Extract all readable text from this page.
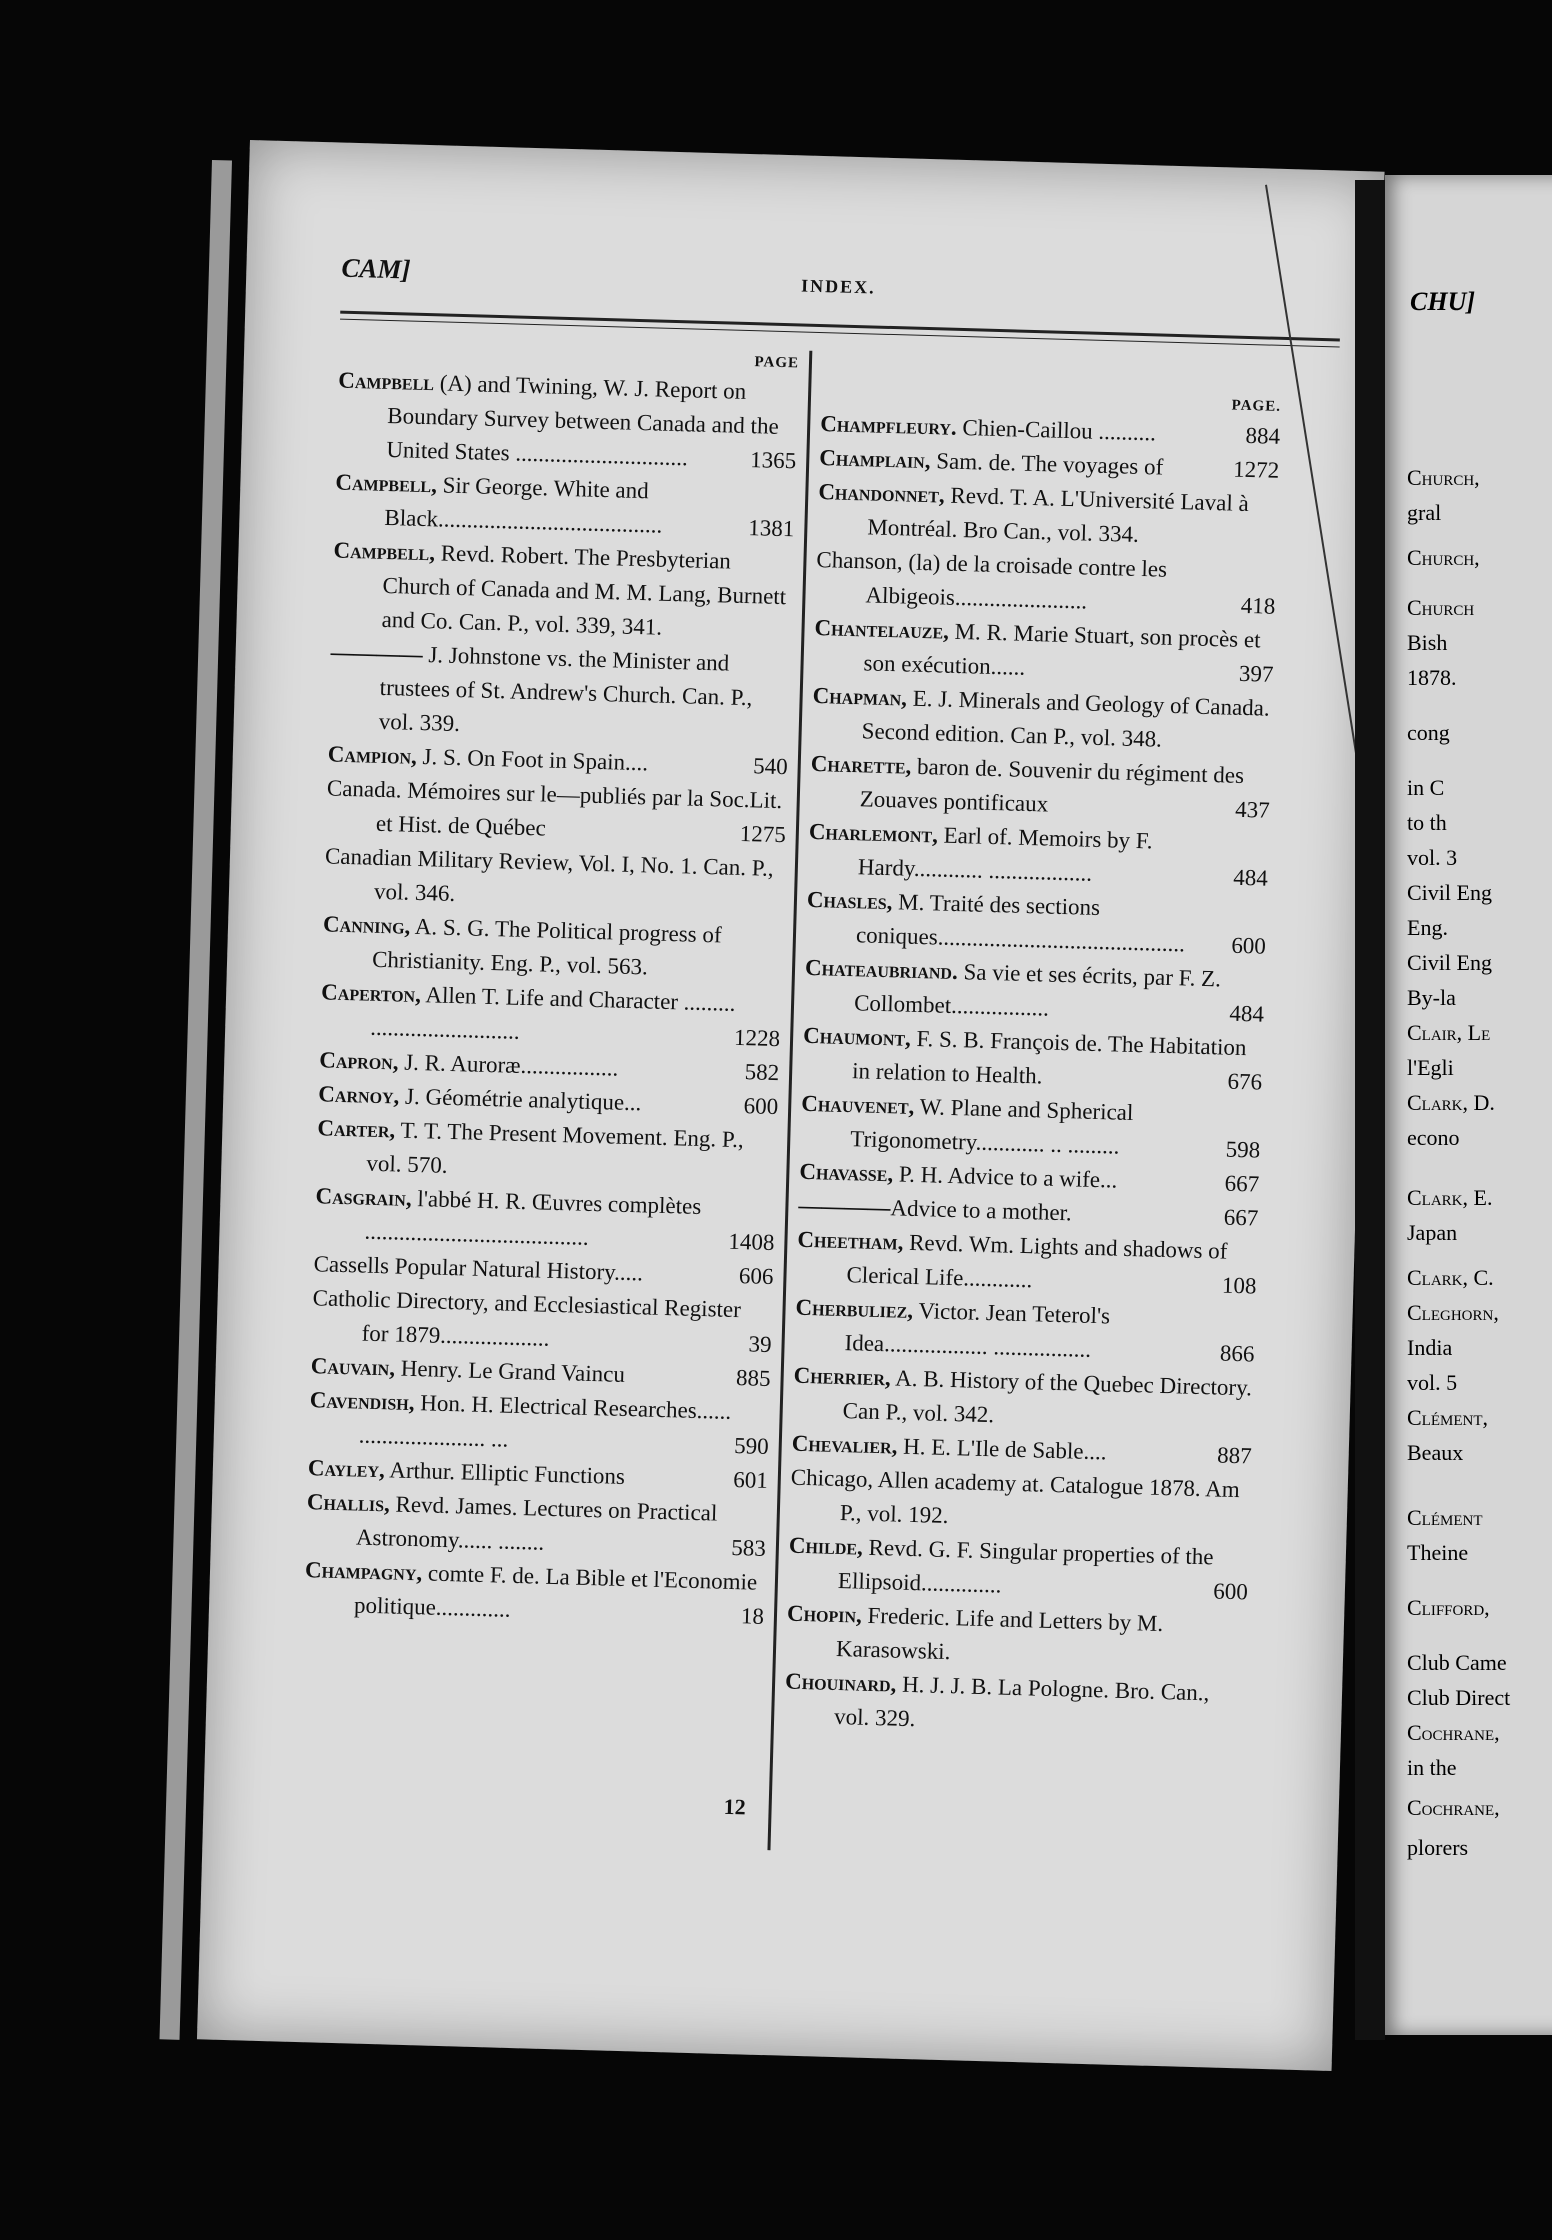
CAM]
INDEX.
PAGE
Campbell (A) and Twining, W. J. Report on Boundary Survey between Canada and the United States ..............................	1365
Campbell, Sir George. White and Black.......................................	1381
Campbell, Revd. Robert. The Presbyterian Church of Canada and M. M. Lang, Burnett and Co. Can. P., vol. 339, 341.
———— J. Johnstone vs. the Minister and trustees of St. Andrew's Church. Can. P., vol. 339.
Campion, J. S. On Foot in Spain....	540
Canada. Mémoires sur le—publiés par la Soc.Lit. et Hist. de Québec	1275
Canadian Military Review, Vol. I, No. 1. Can. P., vol. 346.
Canning, A. S. G. The Political progress of Christianity. Eng. P., vol. 563.
Caperton, Allen T. Life and Character ......... ..........................	1228
Capron, J. R. Auroræ.................	582
Carnoy, J. Géométrie analytique...	600
Carter, T. T. The Present Movement. Eng. P., vol. 570.
Casgrain, l'abbé H. R. Œuvres complètes .......................................	1408
Cassells Popular Natural History.....	606
Catholic Directory, and Ecclesiastical Register for 1879...................	39
Cauvain, Henry. Le Grand Vaincu	885
Cavendish, Hon. H. Electrical Researches...... ...................... ...	590
Cayley, Arthur. Elliptic Functions	601
Challis, Revd. James. Lectures on Practical Astronomy...... ........	583
Champagny, comte F. de. La Bible et l'Economie politique.............	18
PAGE.
Champfleury. Chien-Caillou ..........	884
Champlain, Sam. de. The voyages of	1272
Chandonnet, Revd. T. A. L'Université Laval à Montréal. Bro Can., vol. 334.
Chanson, (la) de la croisade contre les Albigeois.......................	418
Chantelauze, M. R. Marie Stuart, son procès et son exécution......	397
Chapman, E. J. Minerals and Geology of Canada. Second edition. Can P., vol. 348.
Charette, baron de. Souvenir du régiment des Zouaves pontificaux	437
Charlemont, Earl of. Memoirs by F. Hardy............ ..................	484
Chasles, M. Traité des sections coniques........................................... 600
Chateaubriand. Sa vie et ses écrits, par F. Z. Collombet.................	484
Chaumont, F. S. B. François de. The Habitation in relation to Health.	676
Chauvenet, W. Plane and Spherical Trigonometry............ .. .........	598
Chavasse, P. H. Advice to a wife...	667
————Advice to a mother.	667
Cheetham, Revd. Wm. Lights and shadows of Clerical Life............	108
Cherbuliez, Victor. Jean Teterol's Idea.................. .................	866
Cherrier, A. B. History of the Quebec Directory. Can P., vol. 342.
Chevalier, H. E. L'Ile de Sable....	887
Chicago, Allen academy at. Catalogue 1878. Am P., vol. 192.
Childe, Revd. G. F. Singular properties of the Ellipsoid..............	600
Chopin, Frederic. Life and Letters by M. Karasowski.
Chouinard, H. J. J. B. La Pologne. Bro. Can., vol. 329.
12
CHU]
Church,
gral
Church,
Church
Bish
1878.
cong
in C
to th
vol. 3
Civil Eng
Eng.
Civil Eng
By-la
Clair, Le
l'Egli
Clark, D.
econo
Clark, E.
Japan
Clark, C.
Cleghorn,
India
vol. 5
Clément,
Beaux
Clément
Theine
Clifford,
Club Came
Club Direct
Cochrane,
in the
Cochrane,
plorers
